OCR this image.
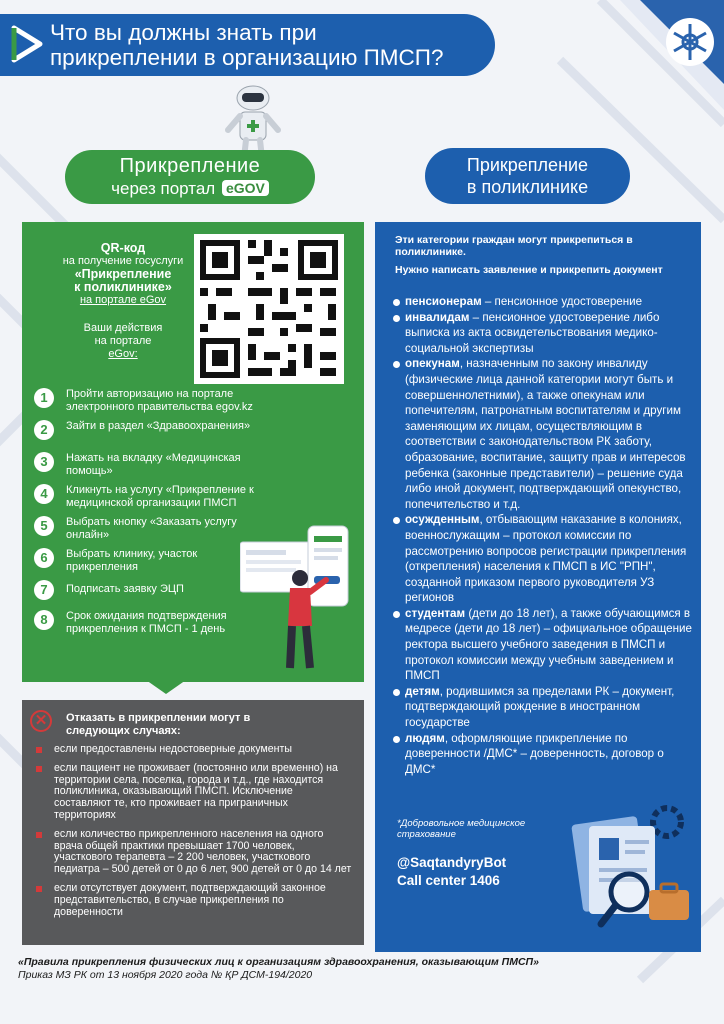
Что вы должны знать при
прикреплении в организацию ПМСП?
Прикрепление
через портал eGOV
Прикрепление
в поликлинике
QR-код
на получение госуслуги
«Прикрепление
к поликлинике»
на портале eGov
Ваши действия
на портале
eGov:
1	Пройти авторизацию на портале электронного правительства egov.kz
2	Зайти в раздел «Здравоохранения»
3	Нажать на вкладку «Медицинская помощь»
4	Кликнуть на услугу «Прикрепление к медицинской организации ПМСП
5	Выбрать кнопку «Заказать услугу онлайн»
6	Выбрать клинику, участок прикрепления
7	Подписать заявку ЭЦП
8	Срок ожидания подтверждения прикрепления к ПМСП - 1 день
Эти категории граждан могут прикрепиться в поликлинике.
Нужно написать заявление и прикрепить документ
пенсионерам – пенсионное удостоверение
инвалидам – пенсионное удостоверение либо выписка из акта освидетельствования медико-социальной экспертизы
опекунам, назначенным по закону инвалиду (физические лица данной категории могут быть и совершеннолетними), а также опекунам или попечителям, патронатным воспитателям и другим заменяющим их лицам, осуществляющим в соответствии с законодательством РК заботу, образование, воспитание, защиту прав и интересов ребенка (законные представители) – решение суда либо иной документ, подтверждающий опекунство, попечительство и т.д.
осужденным, отбывающим наказание в колониях, военнослужащим – протокол комиссии по рассмотрению вопросов регистрации прикрепления (открепления) населения к ПМСП в ИС "РПН", созданной приказом первого руководителя УЗ регионов
студентам (дети до 18 лет), а также обучающимся в медресе (дети до 18 лет) – официальное обращение ректора высшего учебного заведения в ПМСП и протокол комиссии между учебным заведением и ПМСП
детям, родившимся за пределами РК – документ, подтверждающий рождение в иностранном государстве
людям, оформляющие прикрепление по доверенности /ДМС* – доверенность, договор о ДМС*
*Добровольное медицинское страхование
@SaqtandyryBot
Call center 1406
✕	Отказать в прикреплении могут в следующих случаях:
если предоставлены недостоверные документы
если пациент не проживает (постоянно или временно) на территории села, поселка, города и т.д., где находится поликлиника, оказывающий ПМСП. Исключение составляют те, кто проживает на приграничных территориях
если количество прикрепленного населения на одного врача общей практики превышает 1700 человек, участкового терапевта – 2 200 человек, участкового педиатра – 500 детей от 0 до 6 лет, 900 детей от 0 до 14 лет
если отсутствует документ, подтверждающий законное представительство, в случае прикрепления по доверенности
«Правила прикрепления физических лиц к организациям здравоохранения, оказывающим ПМСП»
Приказ МЗ РК от 13 ноября 2020 года № ҚР ДСМ-194/2020
